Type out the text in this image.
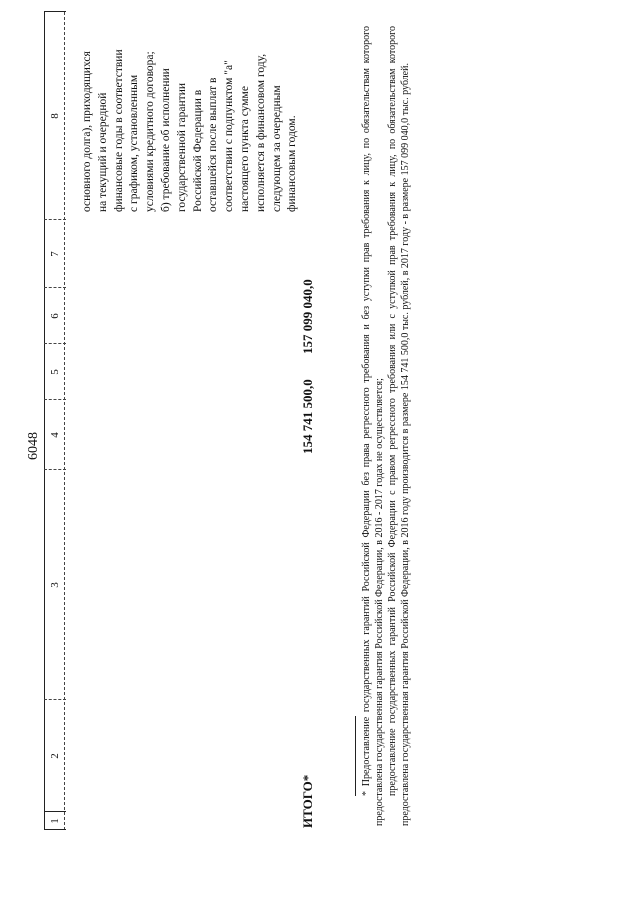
6048
1
2
3
4
5
6
7
8 основного долга), приходящихся на текущий и очередной финансовые годы в соответствии с графиком, установленным условиями кредитного договора; б) требование об исполнении государственной гарантии Российской Федерации в оставшейся после выплат в соответствии с подпунктом "а" настоящего пункта сумме исполняется в финансовом году, следующем за очередным финансовым годом.

ИТОГО*
154 741 500,0
157 099 040,0	* Предоставление государственных гарантий Российской Федерации без права регрессного требования и без уступки прав требования к лицу, по обязательствам которого предоставлена государственная гарантия Российской Федерации, в 2016 - 2017 годах не осуществляется; предоставление государственных гарантий Российской Федерации с правом регрессного требования или с уступкой прав требования к лицу, по обязательствам которого предоставлена государственная гарантия Российской Федерации, в 2016 году производится в размере 154 741 500,0 тыс. рублей, в 2017 году - в размере 157 099 040,0 тыс. рублей.
